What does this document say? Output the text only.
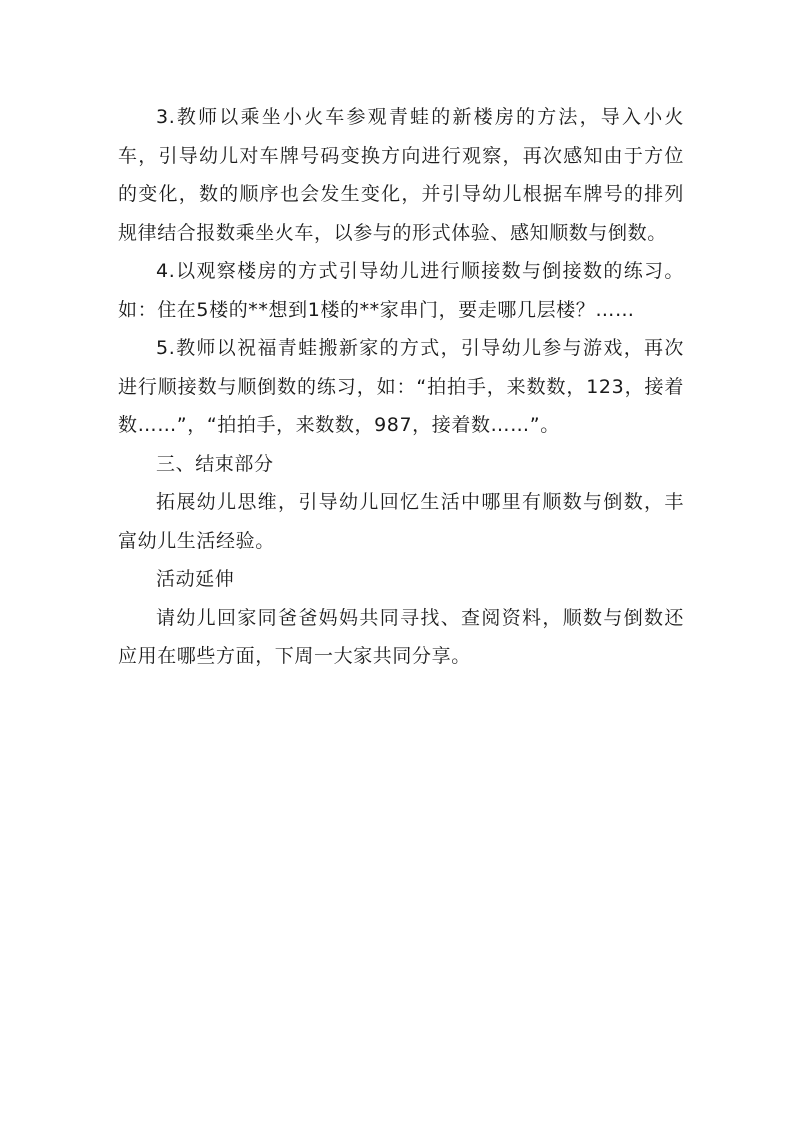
3.教师以乘坐小火车参观青蛙的新楼房的方法，导入小火车，引导幼儿对车牌号码变换方向进行观察，再次感知由于方位的变化，数的顺序也会发生变化，并引导幼儿根据车牌号的排列规律结合报数乘坐火车，以参与的形式体验、感知顺数与倒数。

4.以观察楼房的方式引导幼儿进行顺接数与倒接数的练习。如：住在5楼的**想到1楼的**家串门，要走哪几层楼？……

5.教师以祝福青蛙搬新家的方式，引导幼儿参与游戏，再次进行顺接数与顺倒数的练习，如：“拍拍手，来数数，123，接着数……”，“拍拍手，来数数，987，接着数……”。

三、结束部分

拓展幼儿思维，引导幼儿回忆生活中哪里有顺数与倒数，丰富幼儿生活经验。

活动延伸

请幼儿回家同爸爸妈妈共同寻找、查阅资料，顺数与倒数还应用在哪些方面，下周一大家共同分享。
